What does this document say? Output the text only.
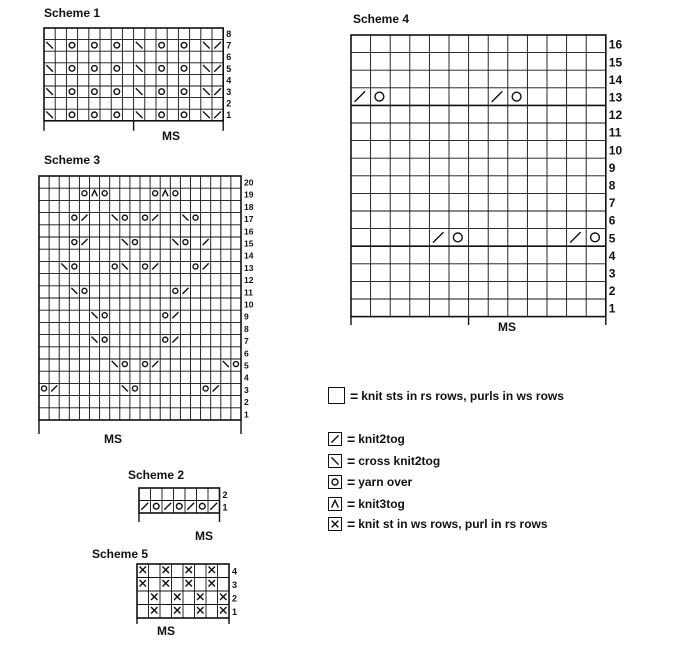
Scheme 1
1
2
3
4
5
6
7
8
MS
Scheme 3
1
2
3
4
5
6
7
8
9
10
11
12
13
14
15
16
17
18
19
20
MS
Scheme 2
1
2
MS
Scheme 5
1
2
3
4
MS
Scheme 4
1
2
3
4
5
6
7
8
9
10
11
12
13
14
15
16
MS
= knit sts in rs rows, purls in ws rows
= knit2tog
= cross knit2tog
= yarn over
= knit3tog
= knit st in ws rows, purl in rs rows
